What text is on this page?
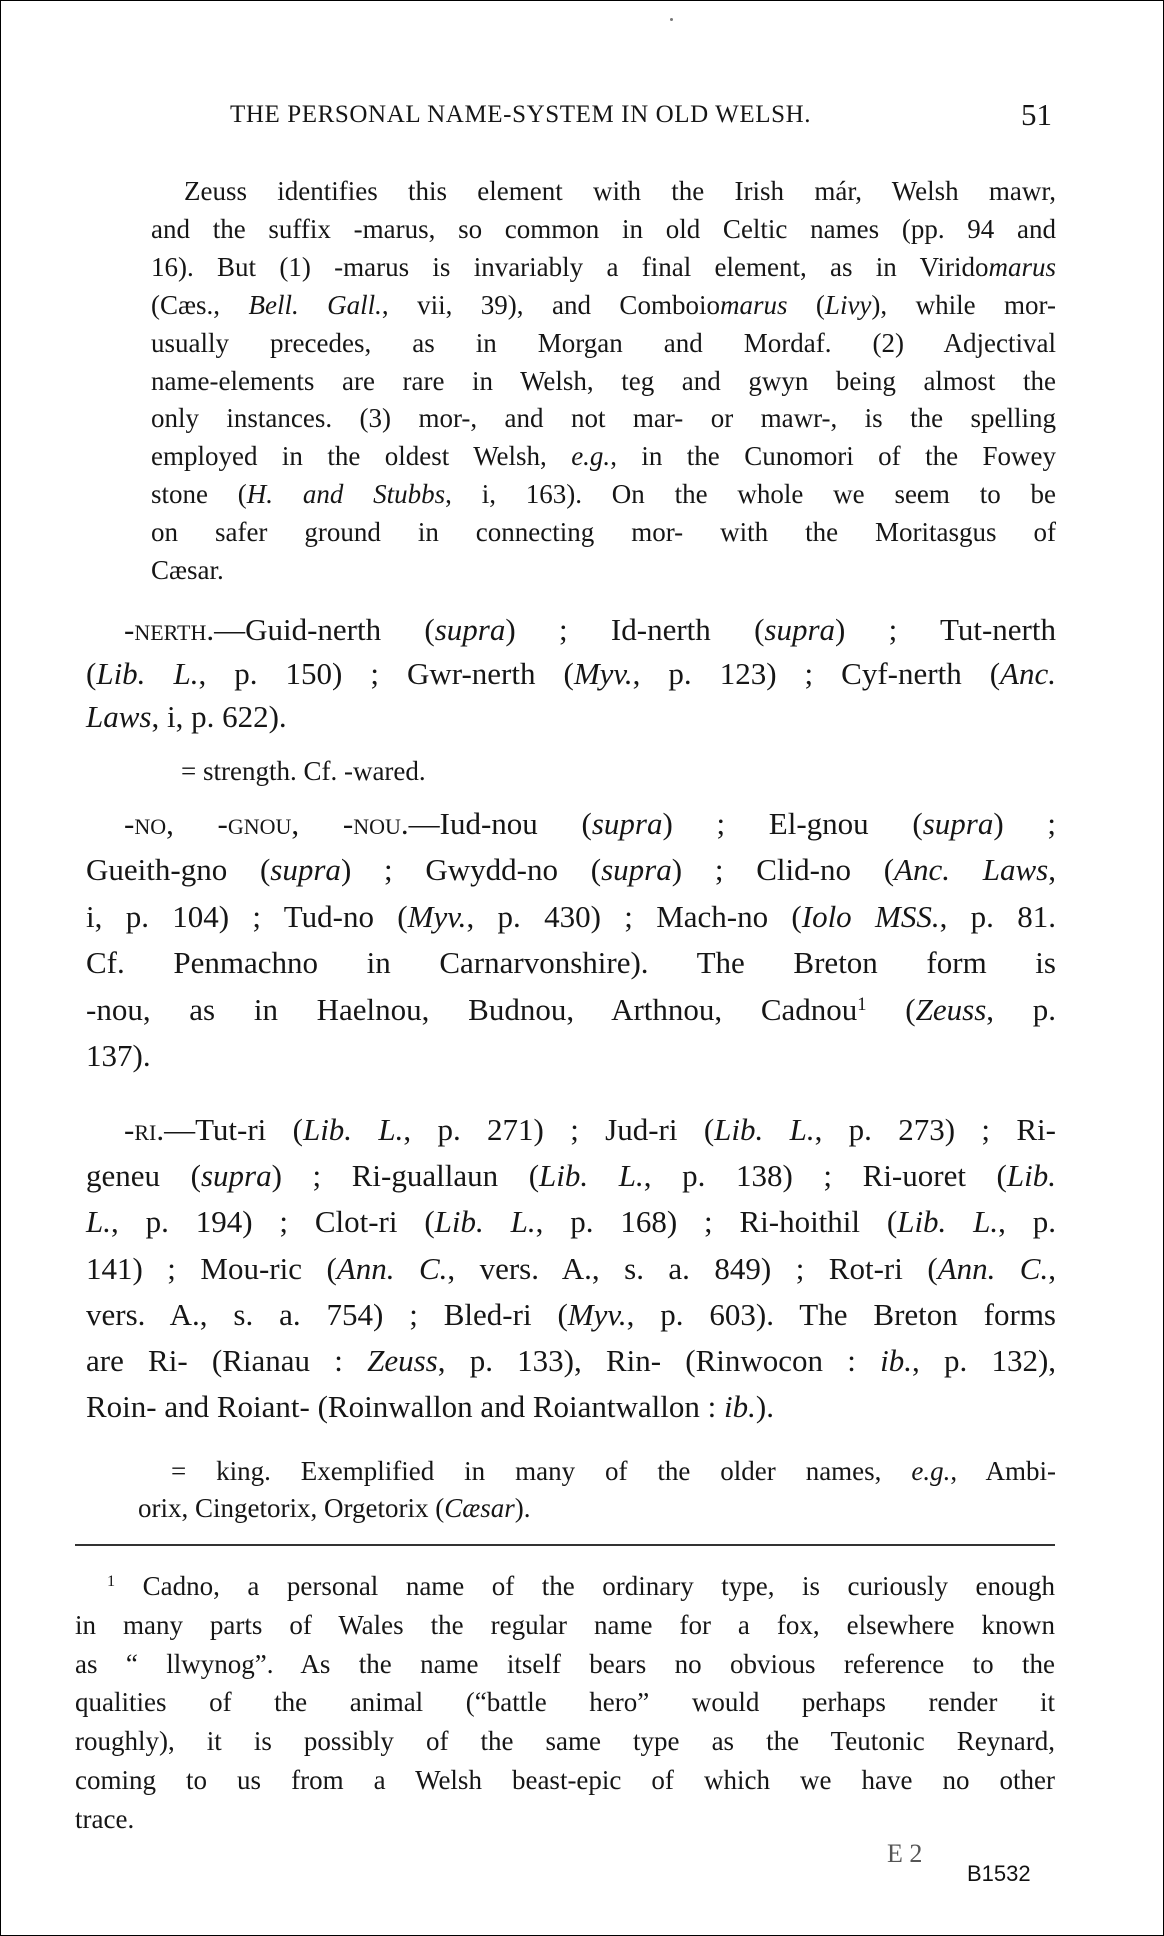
THE PERSONAL NAME-SYSTEM IN OLD WELSH.	51
Zeuss identifies this element with the Irish már, Welsh mawr,
and the suffix -marus, so common in old Celtic names (pp. 94 and
16). But (1) -marus is invariably a final element, as in Viridomarus
(Cæs., Bell. Gall., vii, 39), and Comboiomarus (Livy), while mor-
usually precedes, as in Morgan and Mordaf. (2) Adjectival
name-elements are rare in Welsh, teg and gwyn being almost the
only instances. (3) mor-, and not mar- or mawr-, is the spelling
employed in the oldest Welsh, e.g., in the Cunomori of the Fowey
stone (H. and Stubbs, i, 163). On the whole we seem to be
on safer ground in connecting mor- with the Moritasgus of
Cæsar.
-nerth.—Guid-nerth (supra) ; Id-nerth (supra) ; Tut-nerth
(Lib. L., p. 150) ; Gwr-nerth (Myv., p. 123) ; Cyf-nerth (Anc.
Laws, i, p. 622).
= strength. Cf. -wared.
-no, -gnou, -nou.—Iud-nou (supra) ; El-gnou (supra) ;
Gueith-gno (supra) ; Gwydd-no (supra) ; Clid-no (Anc. Laws,
i, p. 104) ; Tud-no (Myv., p. 430) ; Mach-no (Iolo MSS., p. 81.
Cf. Penmachno in Carnarvonshire). The Breton form is
-nou, as in Haelnou, Budnou, Arthnou, Cadnou$^1$ (Zeuss, p.
137).
-ri.—Tut-ri (Lib. L., p. 271) ; Jud-ri (Lib. L., p. 273) ; Ri-
geneu (supra) ; Ri-guallaun (Lib. L., p. 138) ; Ri-uoret (Lib.
L., p. 194) ; Clot-ri (Lib. L., p. 168) ; Ri-hoithil (Lib. L., p.
141) ; Mou-ric (Ann. C., vers. A., s. a. 849) ; Rot-ri (Ann. C.,
vers. A., s. a. 754) ; Bled-ri (Myv., p. 603). The Breton forms
are Ri- (Rianau : Zeuss, p. 133), Rin- (Rinwocon : ib., p. 132),
Roin- and Roiant- (Roinwallon and Roiantwallon : ib.).
= king. Exemplified in many of the older names, e.g., Ambi-
orix, Cingetorix, Orgetorix (Cæsar).
$^1$ Cadno, a personal name of the ordinary type, is curiously enough
in many parts of Wales the regular name for a fox, elsewhere known
as “ llwynog”. As the name itself bears no obvious reference to the
qualities of the animal (“battle hero” would perhaps render it
roughly), it is possibly of the same type as the Teutonic Reynard,
coming to us from a Welsh beast-epic of which we have no other
trace.
E 2
B1532
